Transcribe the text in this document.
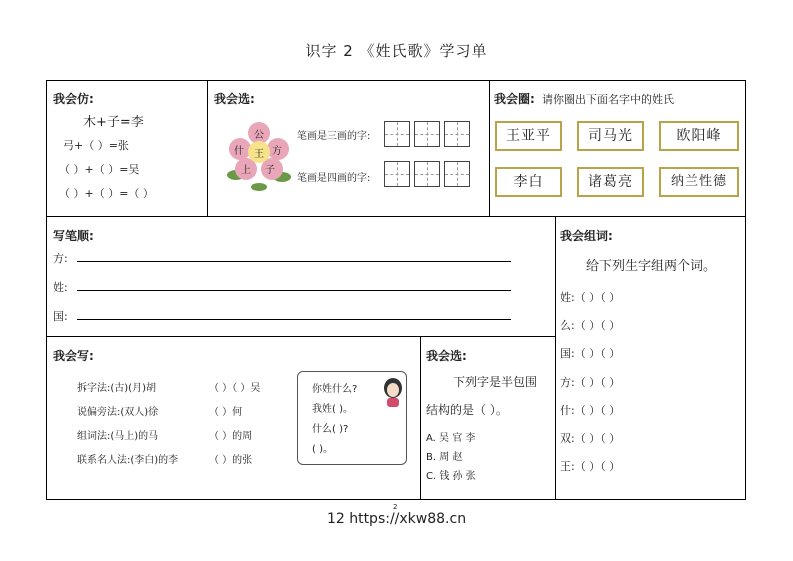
识字 2 《姓氏歌》学习单
我会仿:
木+子=李
弓+（ ）=张
（ ）+（ ）=吴
（ ）+（ ）=（ ）
我会选:
公
什 王 方
上 子
笔画是三画的字:
笔画是四画的字:
我会圈: 请你圈出下面名字中的姓氏
王亚平	司马光	欧阳峰
李白	诸葛亮	纳兰性德
写笔顺:
方:
姓:
国:
我会组词:
给下列生字组两个词。
姓:（ ）（ ）
么:（ ）（ ）
国:（ ）（ ）
方:（ ）（ ）
什:（ ）（ ）
双:（ ）（ ）
王:（ ）（ ）
我会写:
拆字法:(古)(月)胡	（ ）（ ）吴
说偏旁法:(双人)徐	（ ）何
组词法:(马上)的马	（ ）的周
联系名人法:(李白)的李	（ ）的张
你姓什么?
我姓( )。
什么( )?
( )。
我会选:
下列字是半包围
结构的是（ ）。
A. 吴 官 李
B. 周 赵
C. 钱 孙 张
2
12 https://xkw88.cn
